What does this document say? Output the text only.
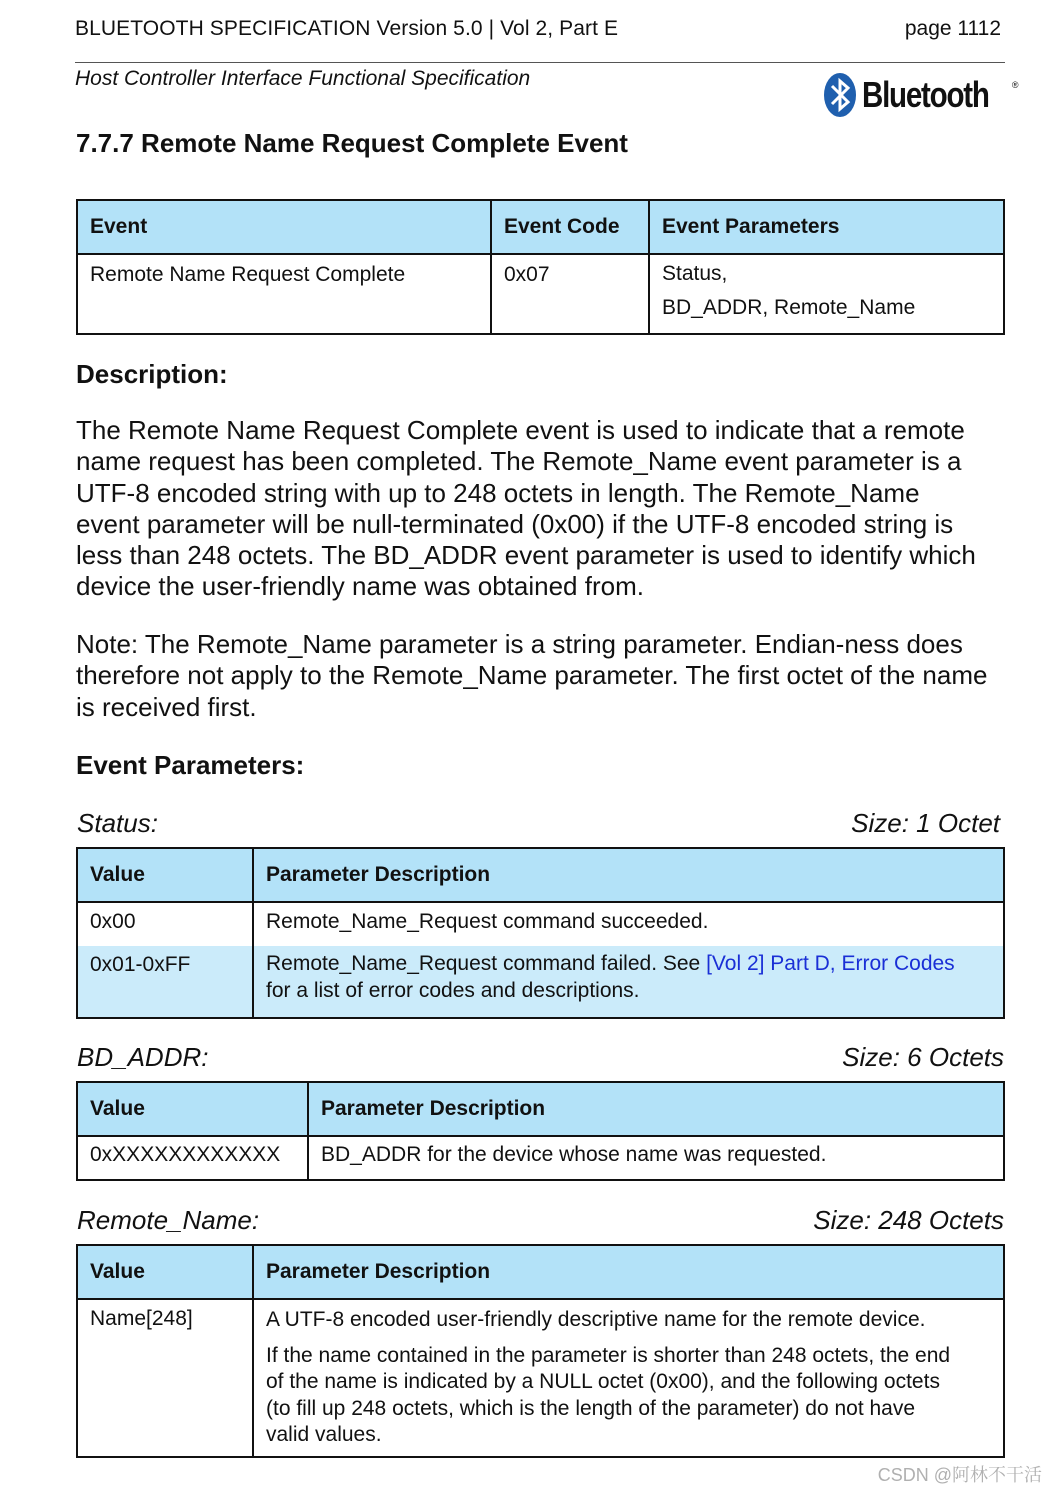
BLUETOOTH SPECIFICATION Version 5.0 | Vol 2, Part E	page 1112
Host Controller Interface Functional Specification	Bluetooth	®
7.7.7 Remote Name Request Complete Event
Event	Event Code	Event Parameters
Remote Name Request Complete	0x07	Status,
BD_ADDR, Remote_Name
Description:
The Remote Name Request Complete event is used to indicate that a remote
name request has been completed. The Remote_Name event parameter is a
UTF-8 encoded string with up to 248 octets in length. The Remote_Name
event parameter will be null-terminated (0x00) if the UTF-8 encoded string is
less than 248 octets. The BD_ADDR event parameter is used to identify which
device the user-friendly name was obtained from.
Note: The Remote_Name parameter is a string parameter. Endian-ness does
therefore not apply to the Remote_Name parameter. The first octet of the name
is received first.
Event Parameters:
Status:	Size: 1 Octet
Value	Parameter Description
0x00	Remote_Name_Request command succeeded.
0x01-0xFF	Remote_Name_Request command failed. See [Vol 2] Part D, Error Codes
for a list of error codes and descriptions.
BD_ADDR:	Size: 6 Octets
Value	Parameter Description
0xXXXXXXXXXXXX	BD_ADDR for the device whose name was requested.
Remote_Name:	Size: 248 Octets
Value	Parameter Description
Name[248]	A UTF-8 encoded user-friendly descriptive name for the remote device.
If the name contained in the parameter is shorter than 248 octets, the end
of the name is indicated by a NULL octet (0x00), and the following octets
(to fill up 248 octets, which is the length of the parameter) do not have
valid values.
CSDN @阿林不干活
